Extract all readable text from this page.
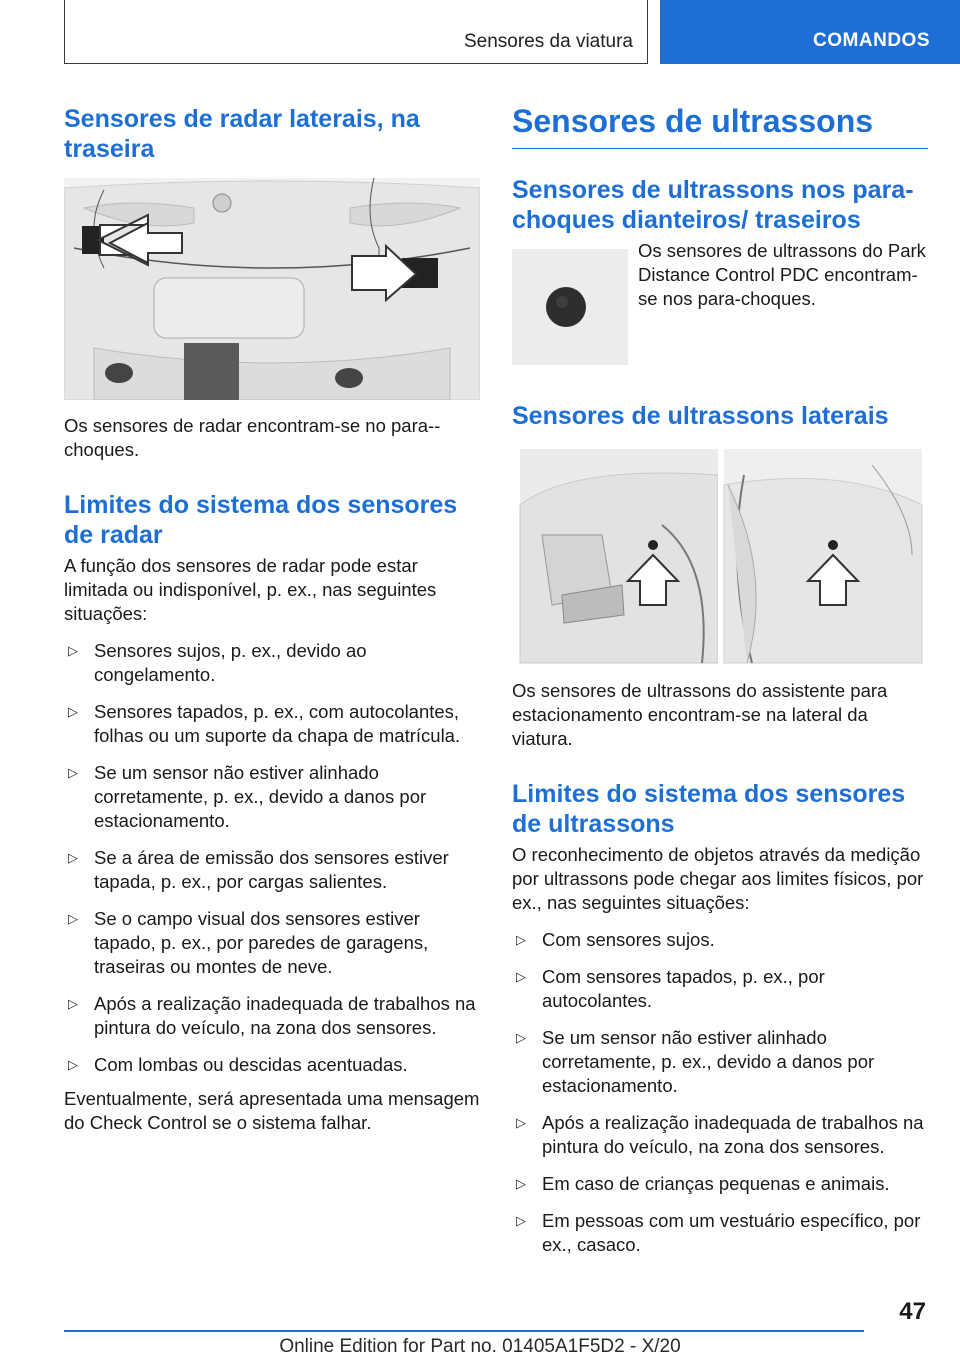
Sensores da viatura	COMANDOS
Sensores de radar laterais, na traseira

Os sensores de radar encontram-se no para--choques.

Limites do sistema dos sensores de radar

A função dos sensores de radar pode estar limitada ou indisponível, p. ex., nas seguintes situações:

▷ Sensores sujos, p. ex., devido ao congelamento.
▷ Sensores tapados, p. ex., com autocolantes, folhas ou um suporte da chapa de matrícula.
▷ Se um sensor não estiver alinhado corretamente, p. ex., devido a danos por estacionamento.
▷ Se a área de emissão dos sensores estiver tapada, p. ex., por cargas salientes.
▷ Se o campo visual dos sensores estiver tapado, p. ex., por paredes de garagens, traseiras ou montes de neve.
▷ Após a realização inadequada de trabalhos na pintura do veículo, na zona dos sensores.
▷ Com lombas ou descidas acentuadas.

Eventualmente, será apresentada uma mensagem do Check Control se o sistema falhar.

Sensores de ultrassons
Sensores de ultrassons nos para-choques dianteiros/ traseiros

Os sensores de ultrassons do Park Distance Control PDC encontram-se nos para-choques.

Sensores de ultrassons laterais

Os sensores de ultrassons do assistente para estacionamento encontram-se na lateral da viatura.

Limites do sistema dos sensores de ultrassons

O reconhecimento de objetos através da medição por ultrassons pode chegar aos limites físicos, por ex., nas seguintes situações:

▷ Com sensores sujos.
▷ Com sensores tapados, p. ex., por autocolantes.
▷ Se um sensor não estiver alinhado corretamente, p. ex., devido a danos por estacionamento.
▷ Após a realização inadequada de trabalhos na pintura do veículo, na zona dos sensores.
▷ Em caso de crianças pequenas e animais.
▷ Em pessoas com um vestuário específico, por ex., casaco.
47
Online Edition for Part no. 01405A1F5D2 - X/20
